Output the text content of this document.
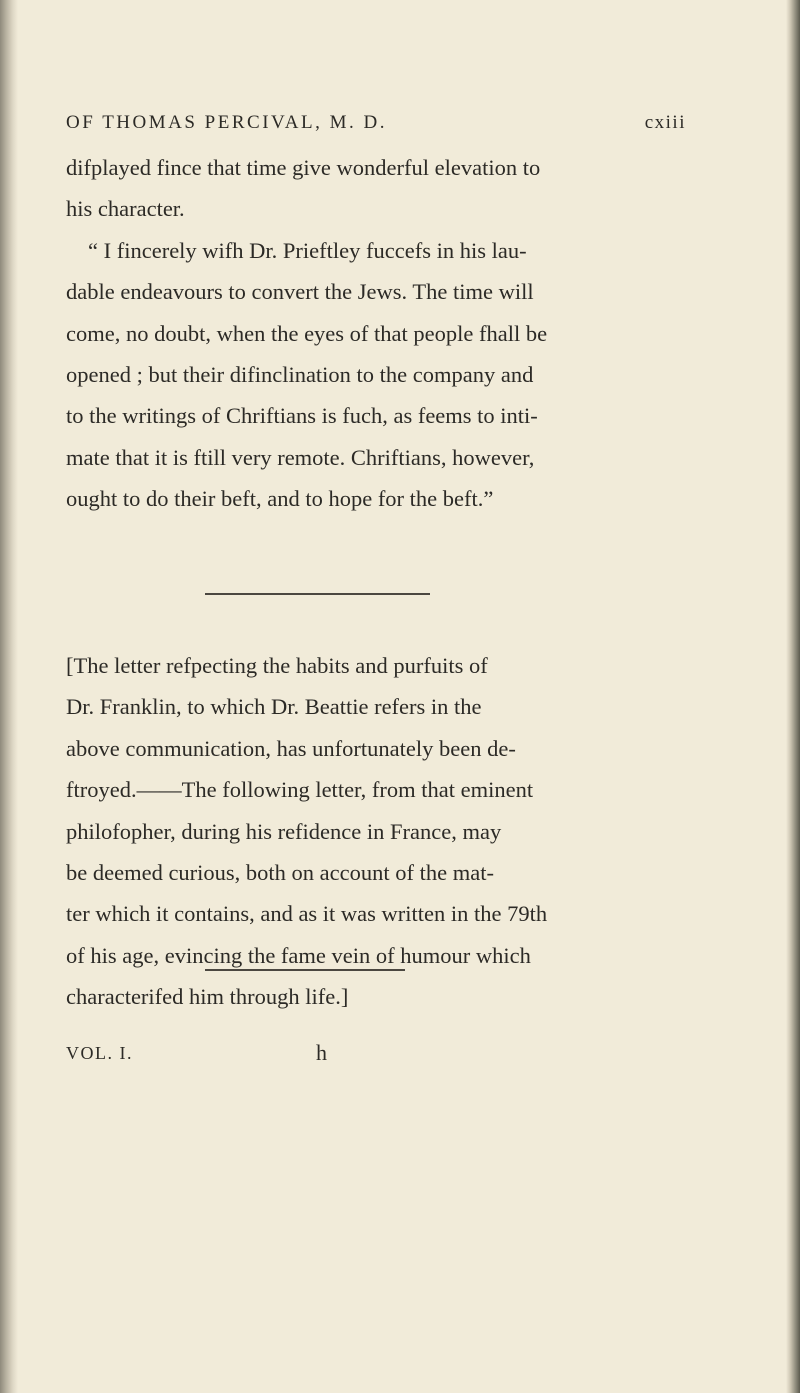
OF THOMAS PERCIVAL, M. D.	cxiii

difplayed fince that time give wonderful elevation to
his character.
“ I fincerely wifh Dr. Prieftley fuccefs in his lau-
dable endeavours to convert the Jews. The time will
come, no doubt, when the eyes of that people fhall be
opened ; but their difinclination to the company and
to the writings of Chriftians is fuch, as feems to inti-
mate that it is ftill very remote. Chriftians, however,
ought to do their beft, and to hope for the beft.”

[The letter refpecting the habits and purfuits of
Dr. Franklin, to which Dr. Beattie refers in the
above communication, has unfortunately been de-
ftroyed.——The following letter, from that eminent
philofopher, during his refidence in France, may
be deemed curious, both on account of the mat-
ter which it contains, and as it was written in the 79th
of his age, evincing the fame vein of humour which
characterifed him through life.]

VOL. I.	h
